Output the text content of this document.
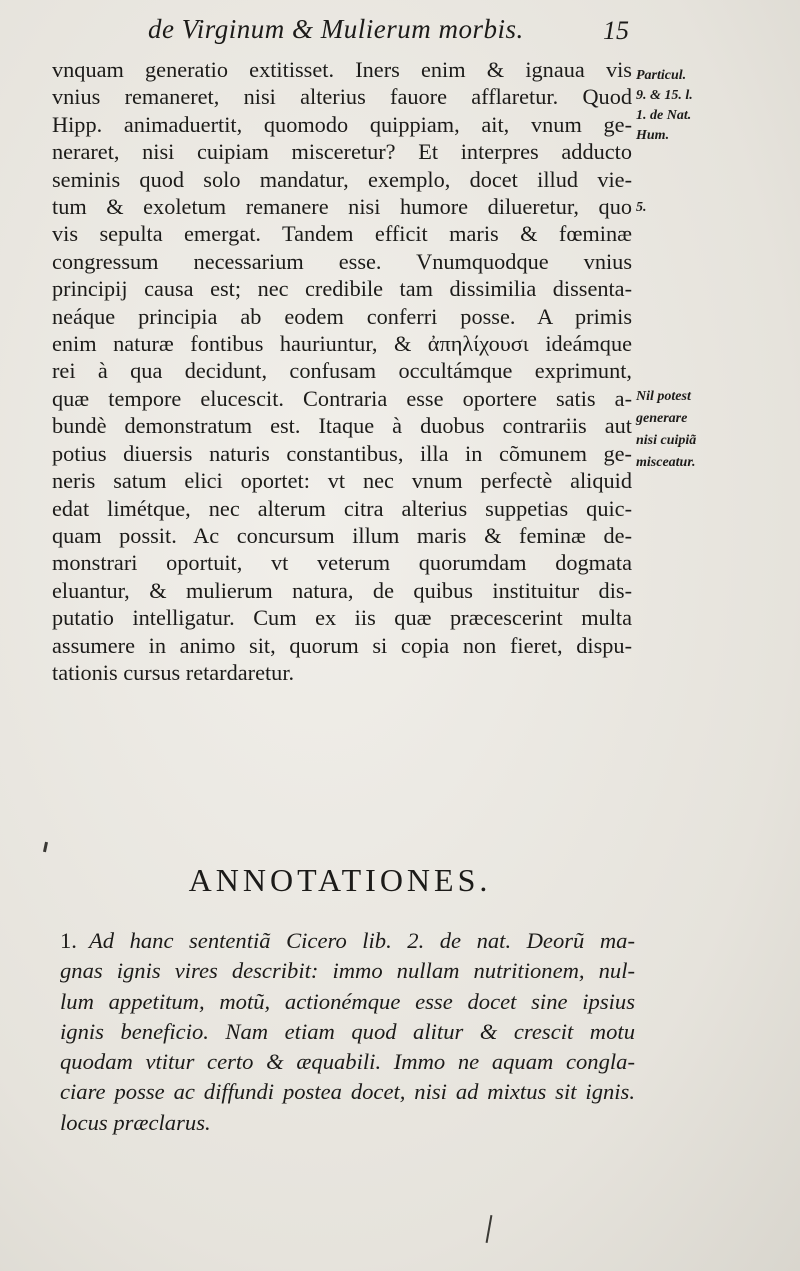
de Virginum & Mulierum morbis.	15
vnquam generatio extitisset. Iners enim & ignaua vis
vnius remaneret, nisi alterius fauore afflaretur. Quod
Hipp. animaduertit, quomodo quippiam, ait, vnum ge-
neraret, nisi cuipiam misceretur? Et interpres adducto
seminis quod solo mandatur, exemplo, docet illud vie-
tum & exoletum remanere nisi humore dilueretur, quo
vis sepulta emergat. Tandem efficit maris & fœminæ
congressum necessarium esse. Vnumquodque vnius
principij causa est; nec credibile tam dissimilia dissenta-
neáque principia ab eodem conferri posse. A primis
enim naturæ fontibus hauriuntur, & ἀπηλίχουσι ideámque
rei à qua decidunt, confusam occultámque exprimunt,
quæ tempore elucescit. Contraria esse oportere satis a-
bundè demonstratum est. Itaque à duobus contrariis aut
potius diuersis naturis constantibus, illa in cõmunem ge-
neris satum elici oportet: vt nec vnum perfectè aliquid
edat limétque, nec alterum citra alterius suppetias quic-
quam possit. Ac concursum illum maris & feminæ de-
monstrari oportuit, vt veterum quorumdam dogmata
eluantur, & mulierum natura, de quibus instituitur dis-
putatio intelligatur. Cum ex iis quæ præcescerint multa
assumere in animo sit, quorum si copia non fieret, dispu-
tationis cursus retardaretur.
Particul.
9. & 15. l.
1. de Nat.
Hum.
5.
Nil potest
generare
nisi cuipiã
misceatur.
ANNOTATIONES.
1. Ad hanc sententiã Cicero lib. 2. de nat. Deorũ ma-
gnas ignis vires describit: immo nullam nutritionem, nul-
lum appetitum, motũ, actionémque esse docet sine ipsius
ignis beneficio. Nam etiam quod alitur & crescit motu
quodam vtitur certo & æquabili. Immo ne aquam congla-
ciare posse ac diffundi postea docet, nisi ad mixtus sit ignis.
locus præclarus.
